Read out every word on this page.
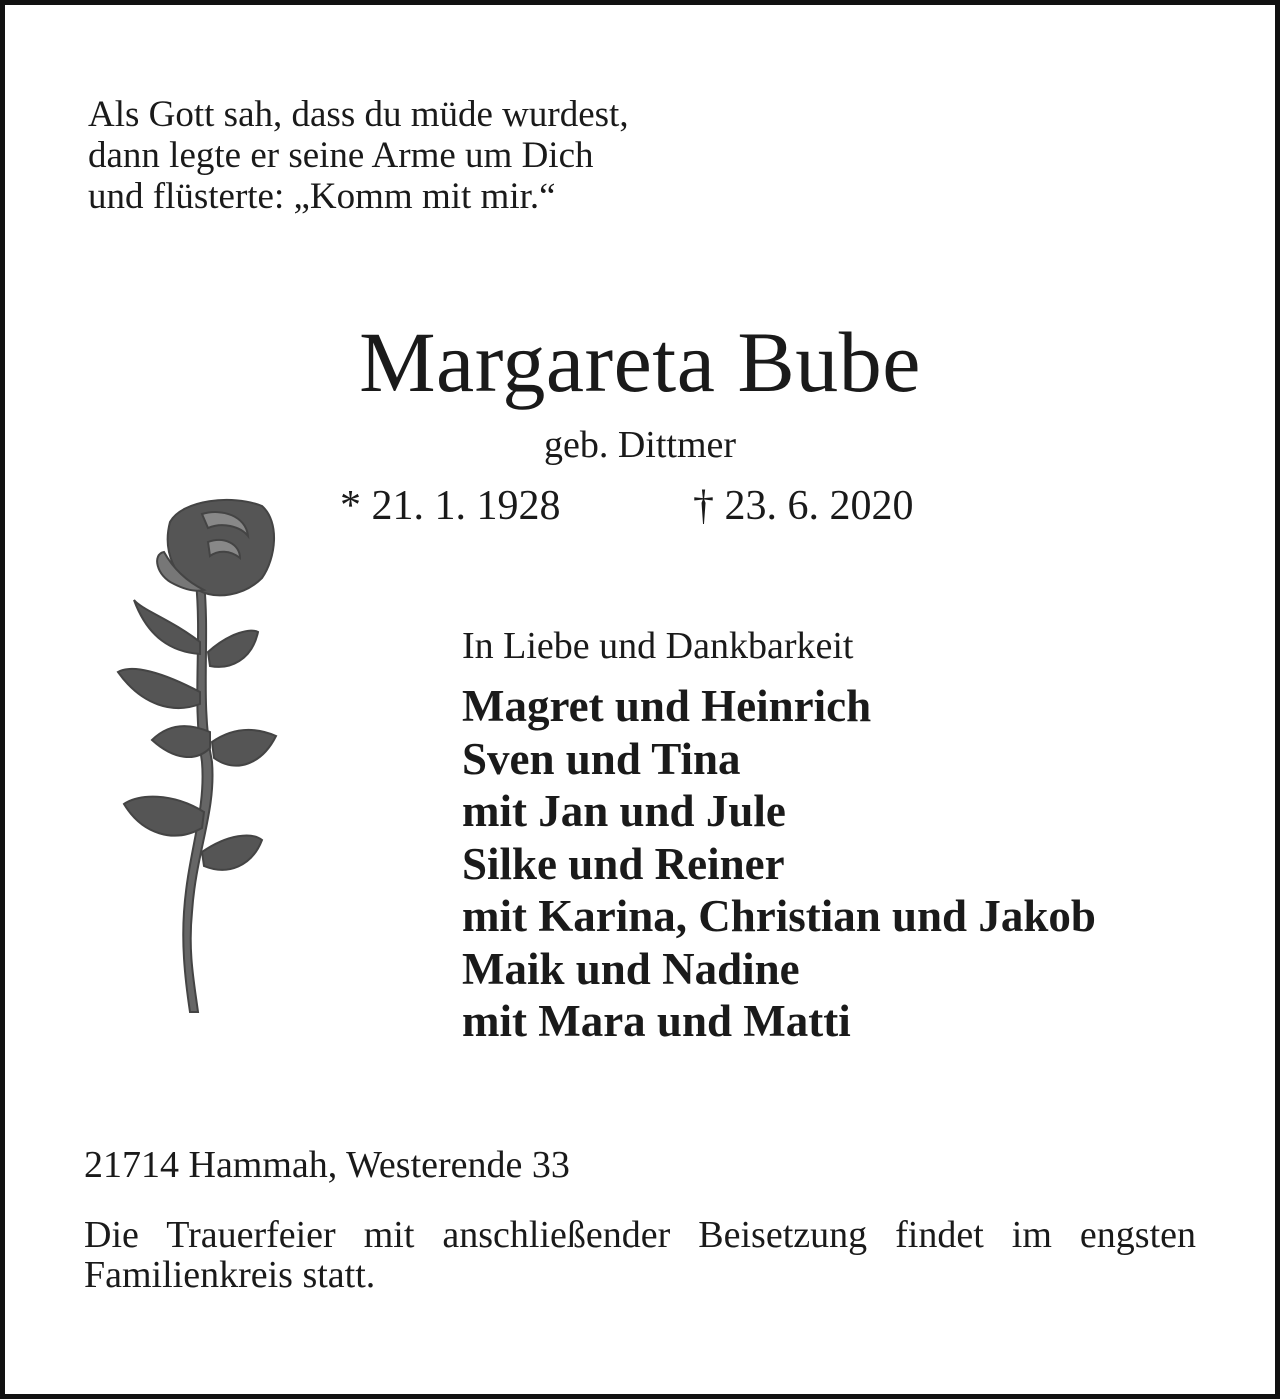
Als Gott sah, dass du müde wurdest,
dann legte er seine Arme um Dich
und flüsterte: „Komm mit mir.“
Margareta Bube
geb. Dittmer
* 21. 1. 1928	† 23. 6. 2020
In Liebe und Dankbarkeit
Magret und Heinrich
Sven und Tina
mit Jan und Jule
Silke und Reiner
mit Karina, Christian und Jakob
Maik und Nadine
mit Mara und Matti
21714 Hammah, Westerende 33
Die Trauerfeier mit anschließender Beisetzung findet im engsten Familienkreis statt.
